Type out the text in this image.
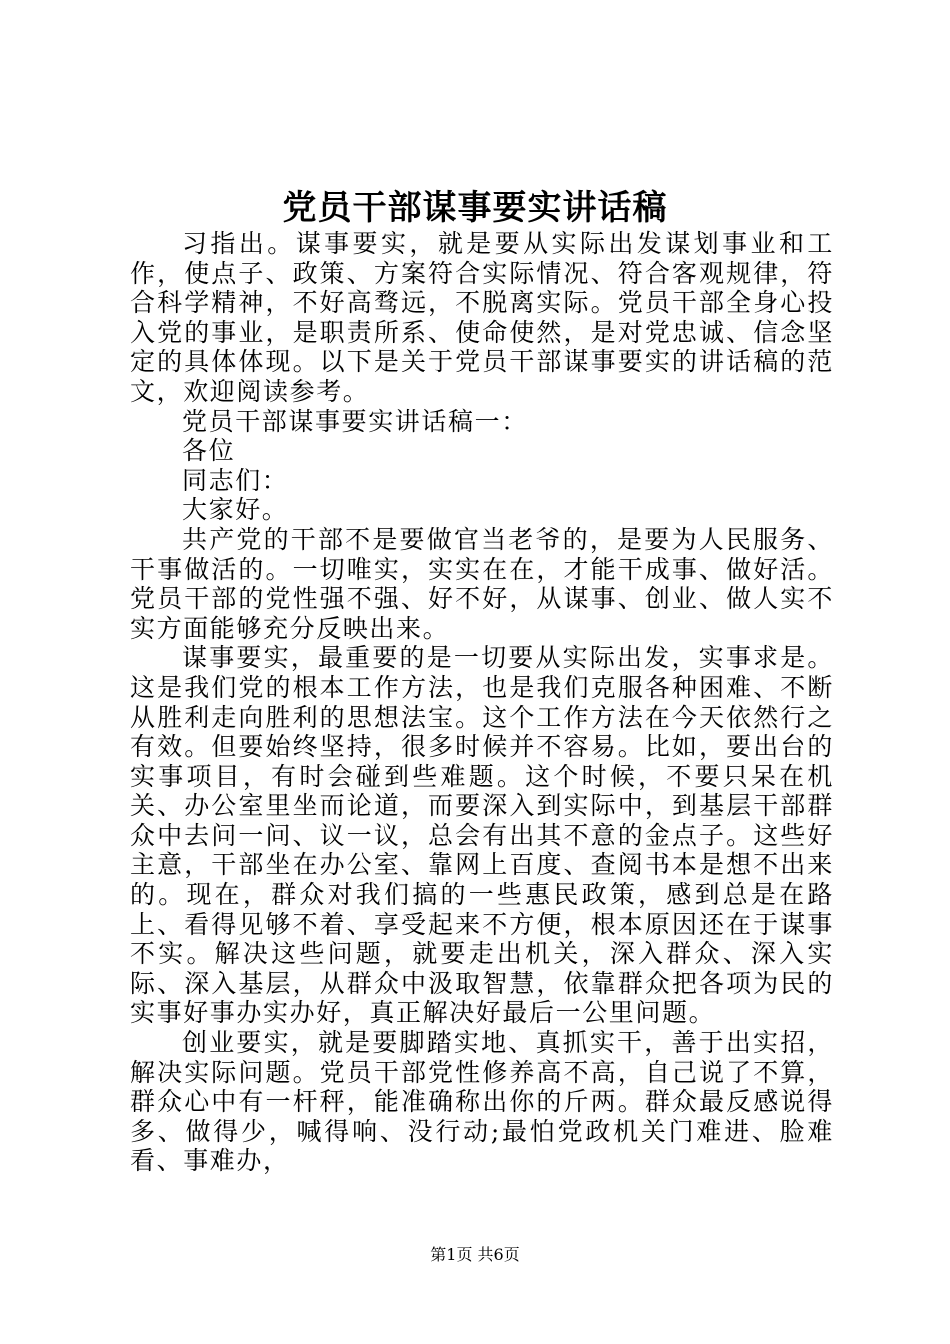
党员干部谋事要实讲话稿

习指出。谋事要实，就是要从实际出发谋划事业和工作，使点子、政策、方案符合实际情况、符合客观规律，符合科学精神，不好高骛远，不脱离实际。党员干部全身心投入党的事业，是职责所系、使命使然，是对党忠诚、信念坚定的具体体现。以下是关于党员干部谋事要实的讲话稿的范文，欢迎阅读参考。

党员干部谋事要实讲话稿一：

各位

同志们：

大家好。

共产党的干部不是要做官当老爷的，是要为人民服务、干事做活的。一切唯实，实实在在，才能干成事、做好活。党员干部的党性强不强、好不好，从谋事、创业、做人实不实方面能够充分反映出来。

谋事要实，最重要的是一切要从实际出发，实事求是。这是我们党的根本工作方法，也是我们克服各种困难、不断从胜利走向胜利的思想法宝。这个工作方法在今天依然行之有效。但要始终坚持，很多时候并不容易。比如，要出台的实事项目，有时会碰到些难题。这个时候，不要只呆在机关、办公室里坐而论道，而要深入到实际中，到基层干部群众中去问一问、议一议，总会有出其不意的金点子。这些好主意，干部坐在办公室、靠网上百度、查阅书本是想不出来的。现在，群众对我们搞的一些惠民政策，感到总是在路上、看得见够不着、享受起来不方便，根本原因还在于谋事不实。解决这些问题，就要走出机关，深入群众、深入实际、深入基层，从群众中汲取智慧，依靠群众把各项为民的实事好事办实办好，真正解决好最后一公里问题。

创业要实，就是要脚踏实地、真抓实干，善于出实招，解决实际问题。党员干部党性修养高不高，自己说了不算，群众心中有一杆秤，能准确称出你的斤两。群众最反感说得多、做得少，喊得响、没行动;最怕党政机关门难进、脸难看、事难办，

第1页 共6页
